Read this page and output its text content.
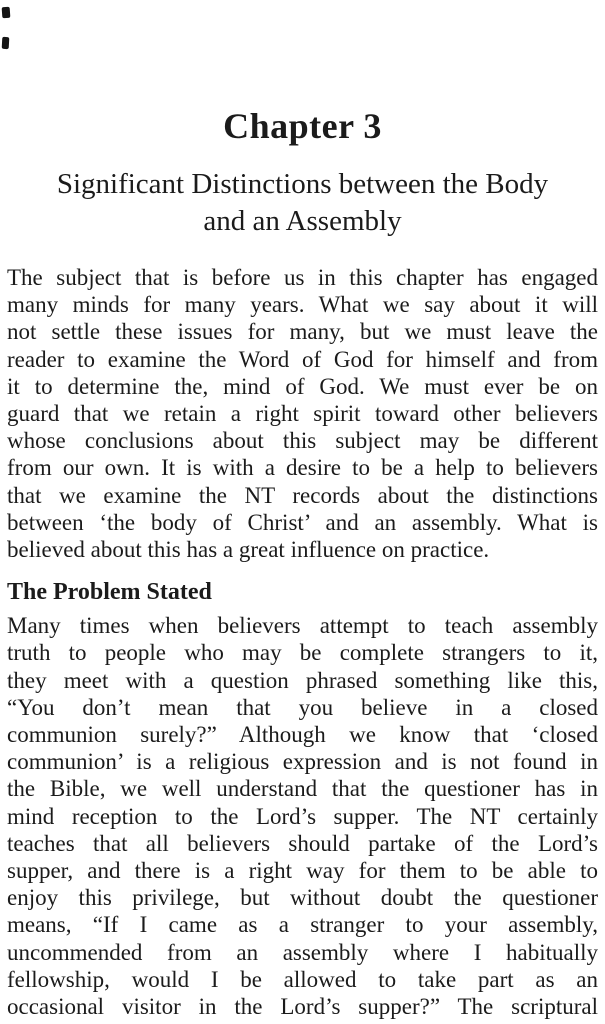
Chapter 3
Significant Distinctions between the Body
and an Assembly
The subject that is before us in this chapter has engaged
many minds for many years. What we say about it will
not settle these issues for many, but we must leave the
reader to examine the Word of God for himself and from
it to determine the, mind of God. We must ever be on
guard that we retain a right spirit toward other believers
whose conclusions about this subject may be different
from our own. It is with a desire to be a help to believers
that we examine the NT records about the distinctions
between ‘the body of Christ’ and an assembly. What is
believed about this has a great influence on practice.
The Problem Stated
Many times when believers attempt to teach assembly
truth to people who may be complete strangers to it,
they meet with a question phrased something like this,
“You don’t mean that you believe in a closed
communion surely?” Although we know that ‘closed
communion’ is a religious expression and is not found in
the Bible, we well understand that the questioner has in
mind reception to the Lord’s supper. The NT certainly
teaches that all believers should partake of the Lord’s
supper, and there is a right way for them to be able to
enjoy this privilege, but without doubt the questioner
means, “If I came as a stranger to your assembly,
uncommended from an assembly where I habitually
fellowship, would I be allowed to take part as an
occasional visitor in the Lord’s supper?” The scriptural
